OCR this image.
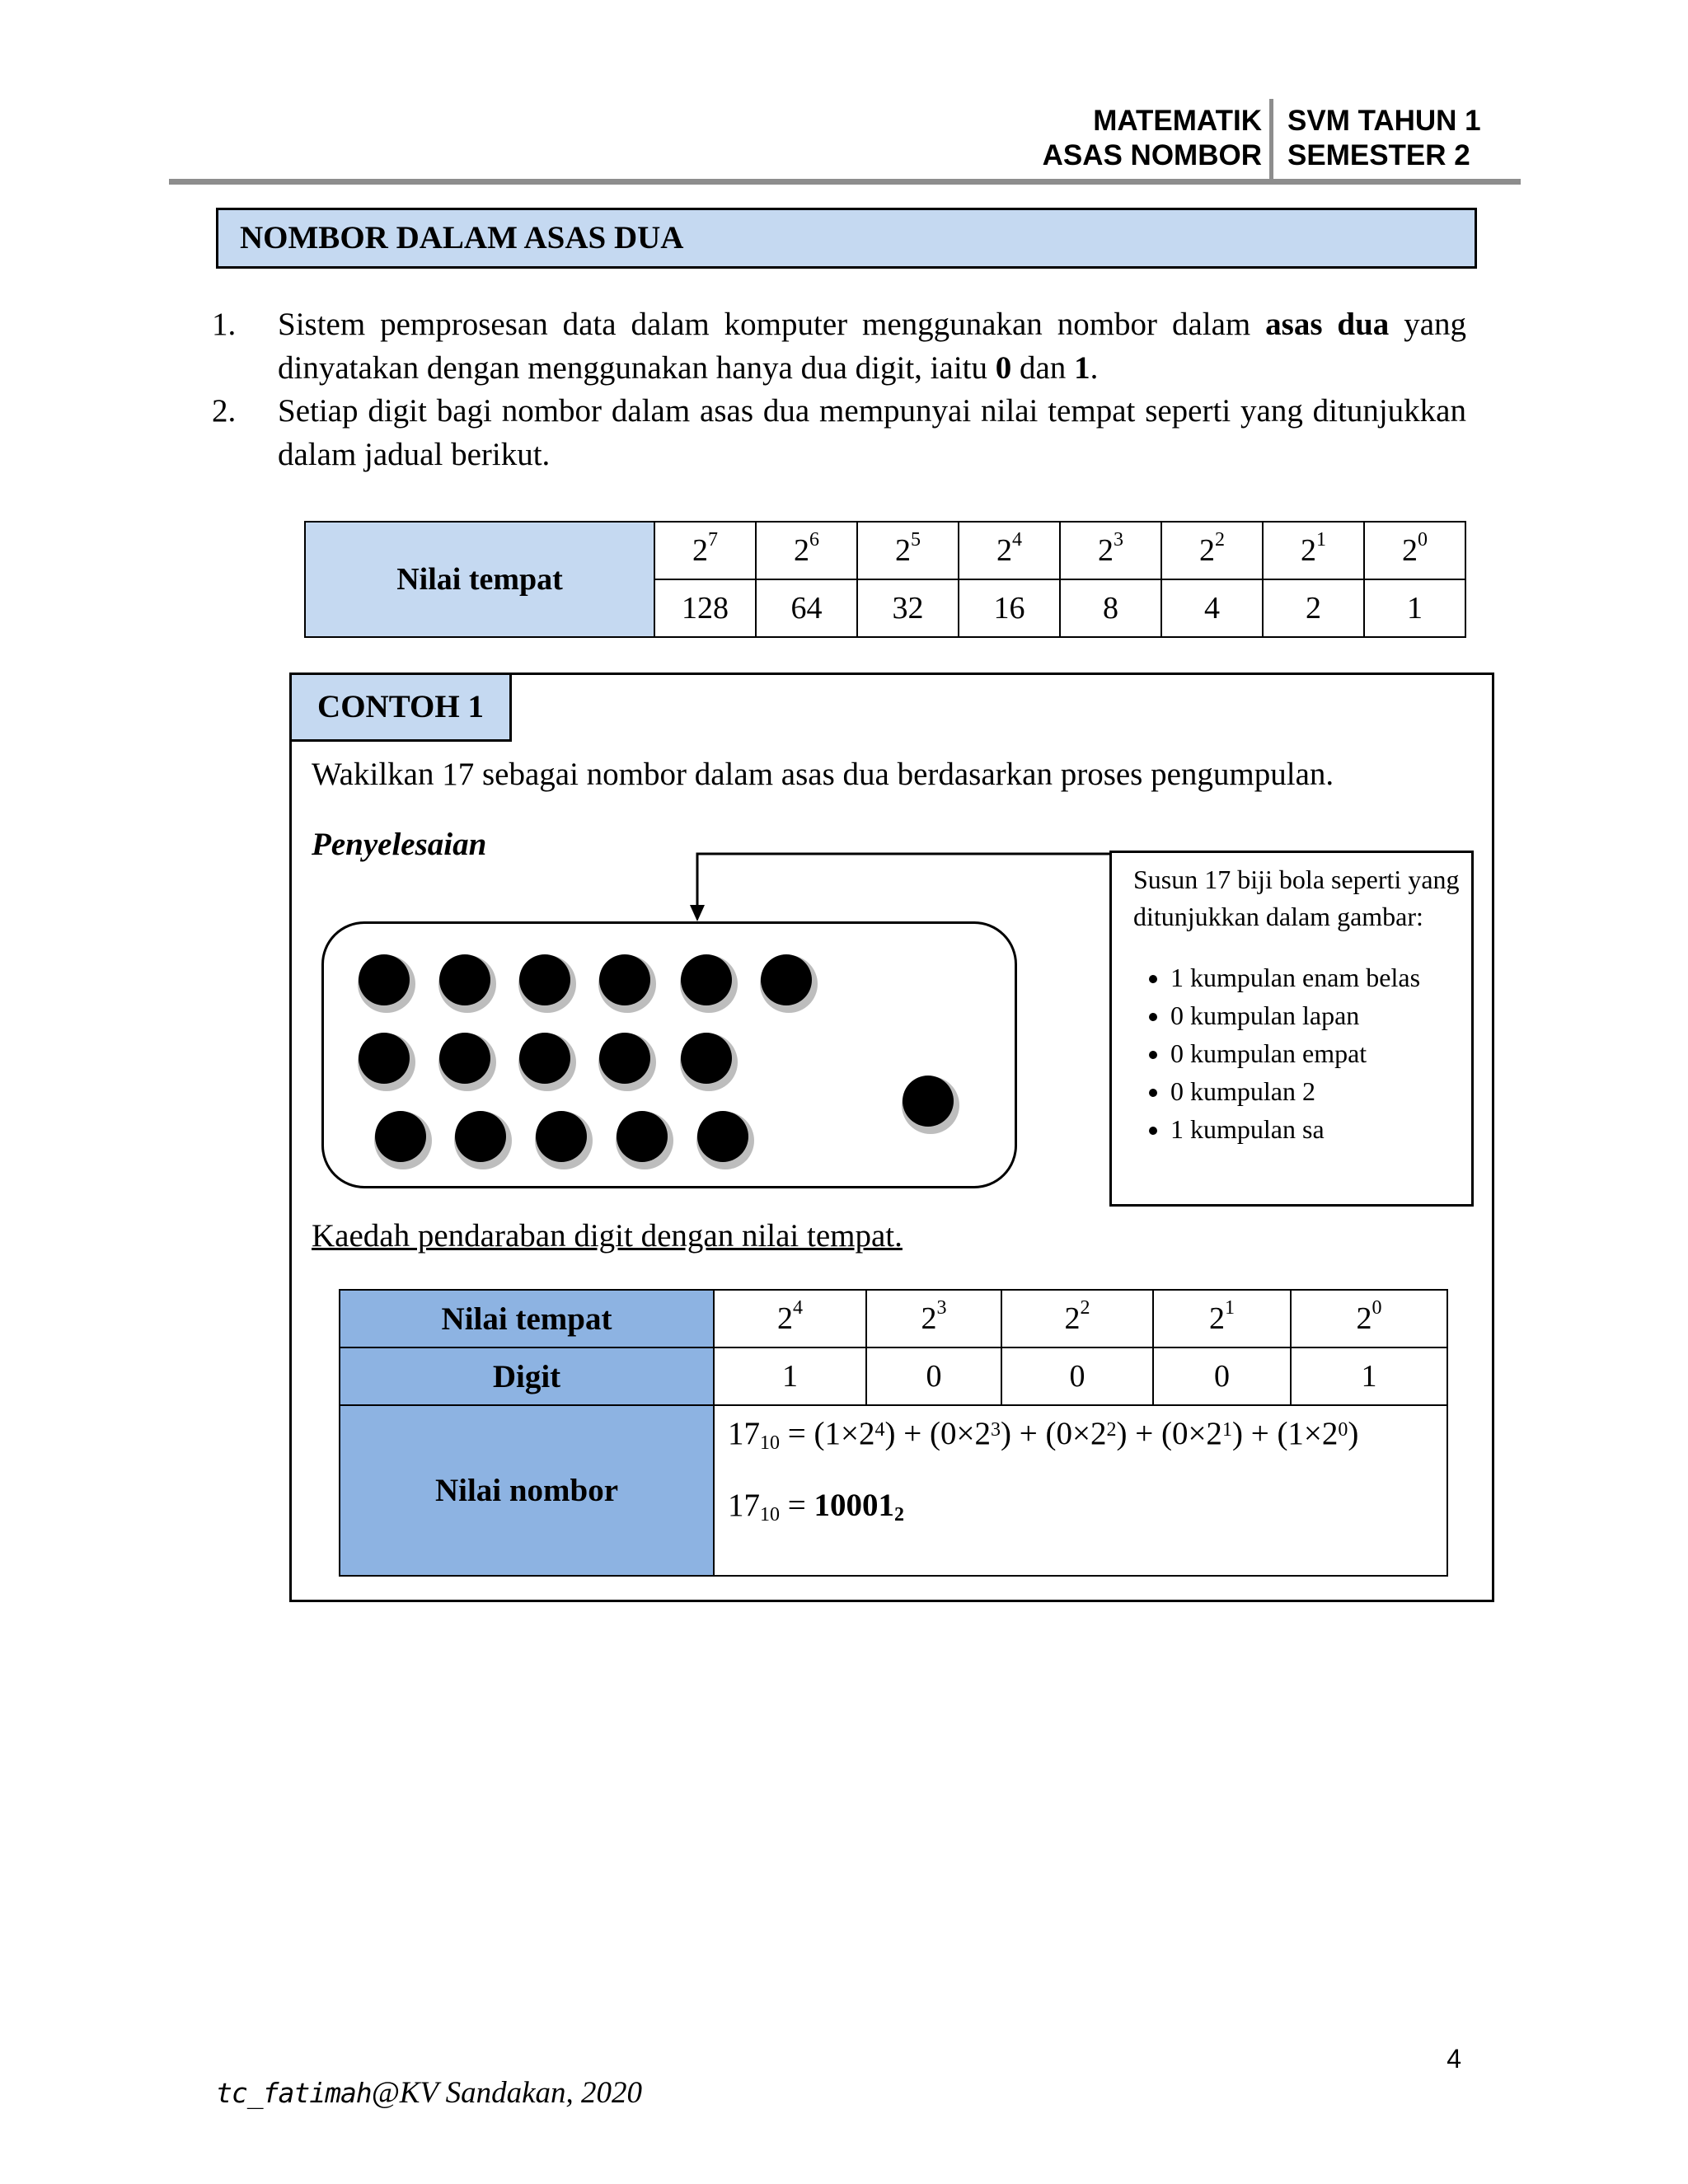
MATEMATIK
ASAS NOMBOR
SVM TAHUN 1
SEMESTER 2
NOMBOR DALAM ASAS DUA
1. Sistem pemprosesan data dalam komputer menggunakan nombor dalam asas dua yang dinyatakan dengan menggunakan hanya dua digit, iaitu 0 dan 1.
2. Setiap digit bagi nombor dalam asas dua mempunyai nilai tempat seperti yang ditunjukkan dalam jadual berikut.
Nilai tempat	$2^7$	$2^6$	$2^5$	$2^4$	$2^3$	$2^2$	$2^1$	$2^0$
	128	64	32	16	8	4	2	1
CONTOH 1
Wakilkan 17 sebagai nombor dalam asas dua berdasarkan proses pengumpulan.
Penyelesaian
Susun 17 biji bola seperti yang ditunjukkan dalam gambar:
• 1 kumpulan enam belas
• 0 kumpulan lapan
• 0 kumpulan empat
• 0 kumpulan 2
• 1 kumpulan sa
Kaedah pendaraban digit dengan nilai tempat.
Nilai tempat	$2^4$	$2^3$	$2^2$	$2^1$	$2^0$
Digit	1	0	0	0	1
Nilai nombor	$17_{10} = (1\times 2^4) + (0\times 2^3) + (0\times 2^2) + (0\times 2^1) + (1\times 2^0)$
$17_{10} = 10001_2$
4
tc_fatimah@KV Sandakan, 2020
